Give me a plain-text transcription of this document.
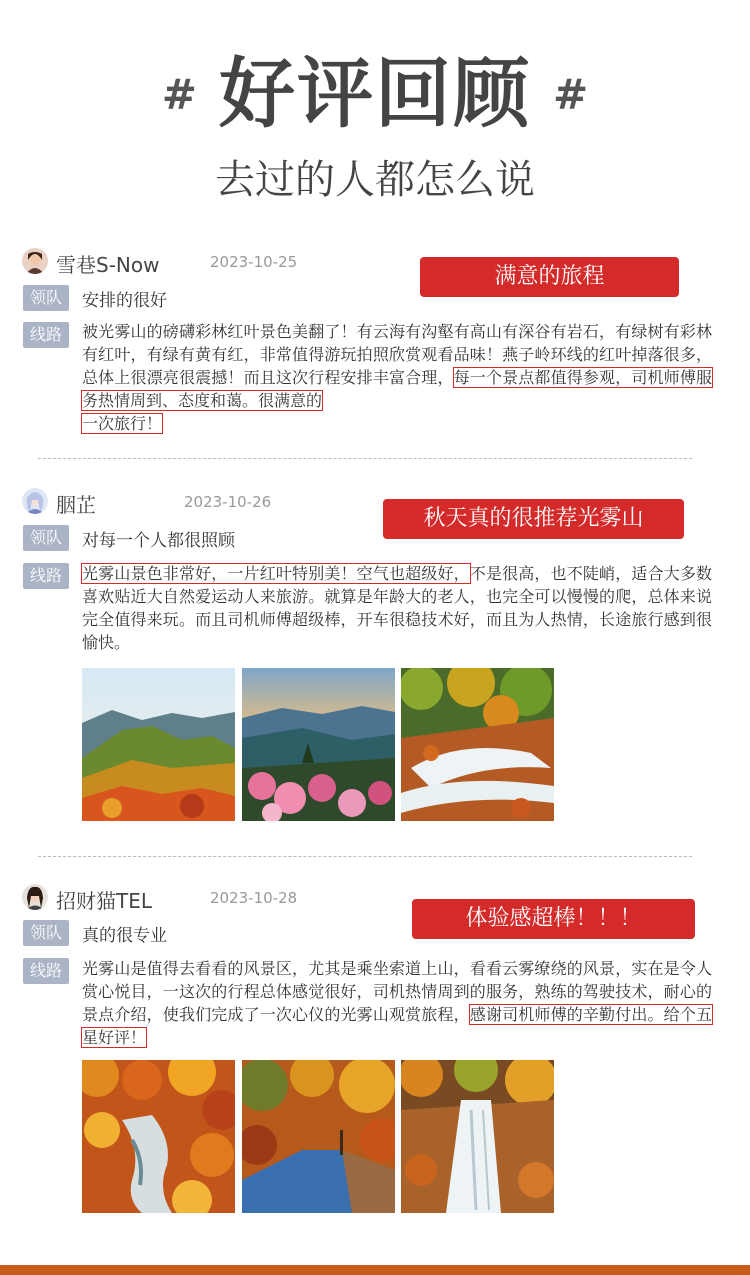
# 好评回顾 #
去过的人都怎么说
雪巷S-Now	2023-10-25
满意的旅程
领队	安排的很好
线路	被光雾山的磅礴彩林红叶景色美翻了！有云海有沟壑有高山有深谷有岩石，有绿树有彩林有红叶，有绿有黄有红，非常值得游玩拍照欣赏观看品味！燕子岭环线的红叶掉落很多，总体上很漂亮很震撼！而且这次行程安排丰富合理，每一个景点都值得参观，司机师傅服务热情周到、态度和蔼。很满意的
一次旅行！
胭芷	2023-10-26
秋天真的很推荐光雾山
领队	对每一个人都很照顾
线路	光雾山景色非常好，一片红叶特别美！空气也超级好，不是很高，也不陡峭，适合大多数喜欢贴近大自然爱运动人来旅游。就算是年龄大的老人，也完全可以慢慢的爬，总体来说完全值得来玩。而且司机师傅超级棒，开车很稳技术好，而且为人热情，长途旅行感到很愉快。
招财猫TEL	2023-10-28
体验感超棒！！！
领队	真的很专业
线路	光雾山是值得去看看的风景区，尤其是乘坐索道上山，看看云雾缭绕的风景，实在是令人赏心悦目，一这次的行程总体感觉很好，司机热情周到的服务，熟练的驾驶技术，耐心的景点介绍，使我们完成了一次心仪的光雾山观赏旅程，感谢司机师傅的辛勤付出。给个五星好评！
